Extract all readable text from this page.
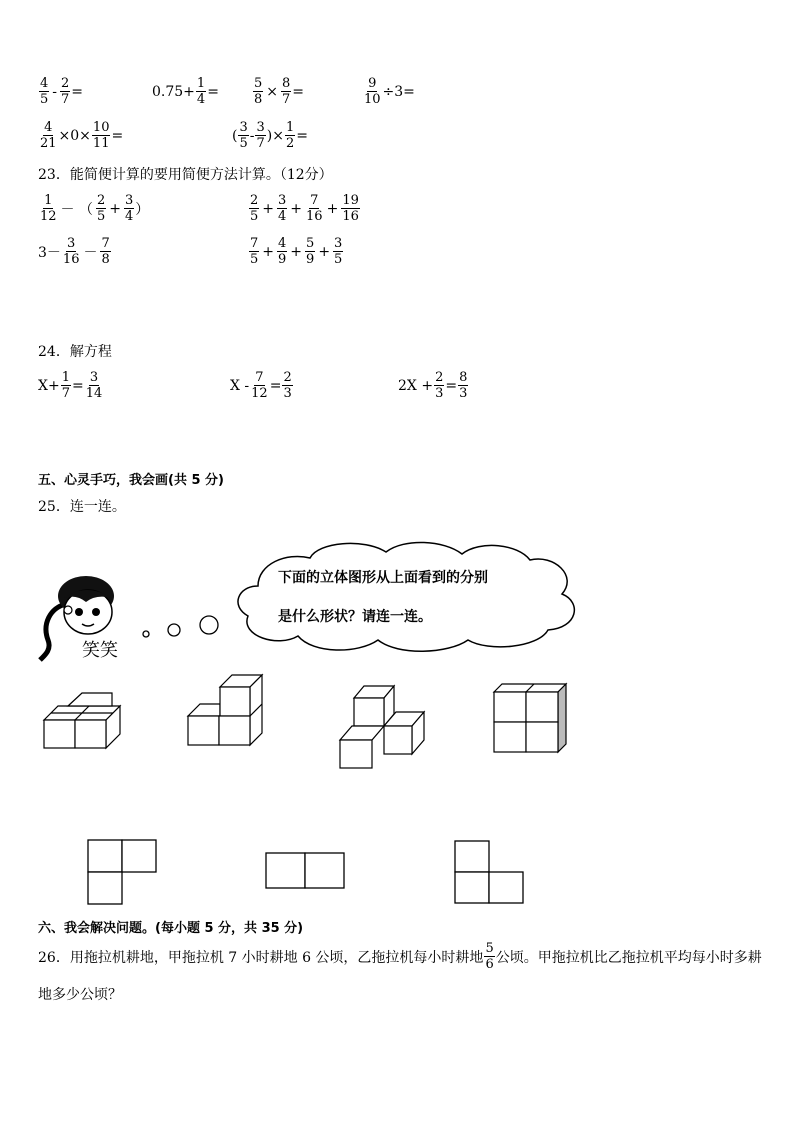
$\frac{4}{5} - \frac{2}{7}$ =	$0.75+ \frac{1}{4}$ =	$\frac{5}{8} \times \frac{8}{7}$ =	$\frac{9}{10} \div 3=$
$\frac{4}{21} \times 0\times \frac{10}{11}$ =	( $\frac{3}{5} - \frac{3}{7}$ )× $\frac{1}{2}$ =
23．能简便计算的要用简便方法计算。（12分）
$\frac{1}{12}$ － （ $\frac{2}{5} + \frac{3}{4}$ ）	$\frac{2}{5} + \frac{3}{4} + \frac{7}{16} + \frac{19}{16}$
$3- \frac{3}{16} - \frac{7}{8}$	$\frac{7}{5} + \frac{4}{9} + \frac{5}{9} + \frac{3}{5}$
24．解方程
$X+ \frac{1}{7} = \frac{3}{14}$	$X - \frac{7}{12} = \frac{2}{3}$	$2X + \frac{2}{3} = \frac{8}{3}$
五、心灵手巧，我会画(共 5 分)
25．连一连。
笑笑
下面的立体图形从上面看到的分别
是什么形状？请连一连。
六、我会解决问题。(每小题 5 分，共 35 分)
26．用拖拉机耕地，甲拖拉机 7 小时耕地 6 公顷，乙拖拉机每小时耕地 $\frac{5}{6}$ 公顷。甲拖拉机比乙拖拉机平均每小时多耕
地多少公顷？
